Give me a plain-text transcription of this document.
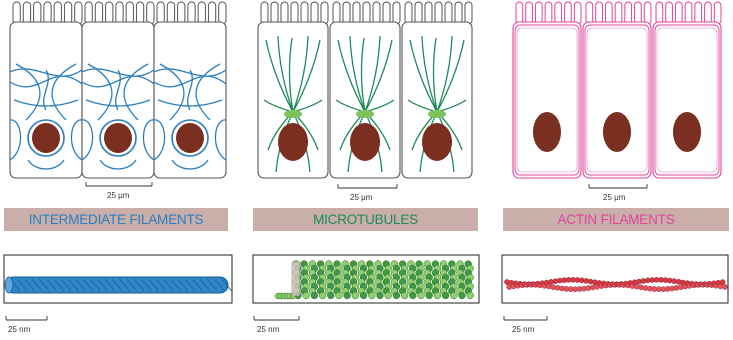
INTERMEDIATE FILAMENTS	MICROTUBULES	ACTIN FILAMENTS
25 μm	25 μm	25 μm
25 nm	25 nm	25 nm
